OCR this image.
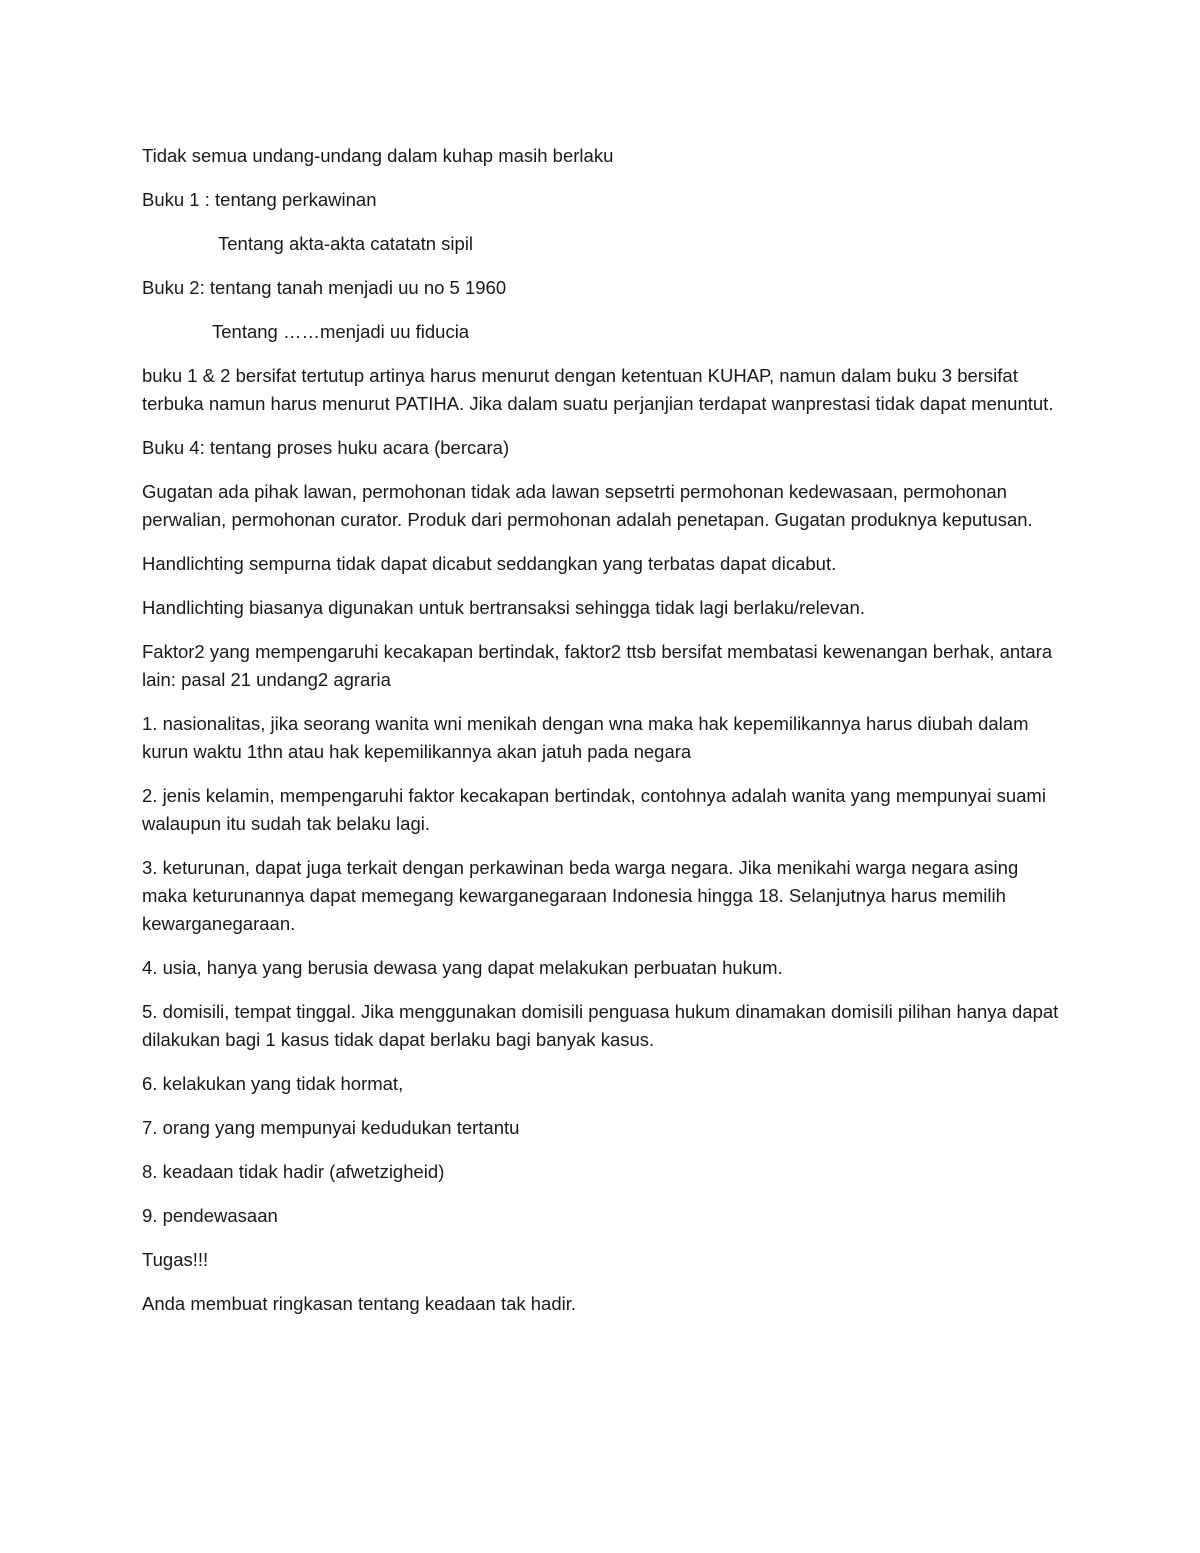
Tidak semua undang-undang dalam kuhap masih berlaku

Buku 1 : tentang perkawinan

Tentang akta-akta catatatn sipil

Buku 2: tentang tanah menjadi uu no 5 1960

Tentang ……menjadi uu fiducia

buku 1 & 2 bersifat tertutup artinya harus menurut dengan ketentuan KUHAP, namun dalam buku 3 bersifat terbuka namun harus menurut PATIHA. Jika dalam suatu perjanjian terdapat wanprestasi tidak dapat menuntut.

Buku 4: tentang proses huku acara (bercara)

Gugatan ada pihak lawan, permohonan tidak ada lawan sepsetrti permohonan kedewasaan, permohonan perwalian, permohonan curator. Produk dari permohonan adalah penetapan. Gugatan produknya keputusan.

Handlichting sempurna tidak dapat dicabut seddangkan yang terbatas dapat dicabut.

Handlichting biasanya digunakan untuk bertransaksi sehingga tidak lagi berlaku/relevan.

Faktor2 yang mempengaruhi kecakapan bertindak, faktor2 ttsb bersifat membatasi kewenangan berhak, antara lain: pasal 21 undang2 agraria

1. nasionalitas, jika seorang wanita wni menikah dengan wna maka hak kepemilikannya harus diubah dalam kurun waktu 1thn atau hak kepemilikannya akan jatuh pada negara

2. jenis kelamin, mempengaruhi faktor kecakapan bertindak, contohnya adalah wanita yang mempunyai suami walaupun itu sudah tak belaku lagi.

3. keturunan, dapat juga terkait dengan perkawinan beda warga negara. Jika menikahi warga negara asing maka keturunannya dapat memegang kewarganegaraan Indonesia hingga 18. Selanjutnya harus memilih kewarganegaraan.

4. usia, hanya yang berusia dewasa yang dapat melakukan perbuatan hukum.

5. domisili, tempat tinggal. Jika menggunakan domisili penguasa hukum dinamakan domisili pilihan hanya dapat dilakukan bagi 1 kasus tidak dapat berlaku bagi banyak kasus.

6. kelakukan yang tidak hormat,

7. orang yang mempunyai kedudukan tertantu

8. keadaan tidak hadir (afwetzigheid)

9. pendewasaan

Tugas!!!

Anda membuat ringkasan tentang keadaan tak hadir.
